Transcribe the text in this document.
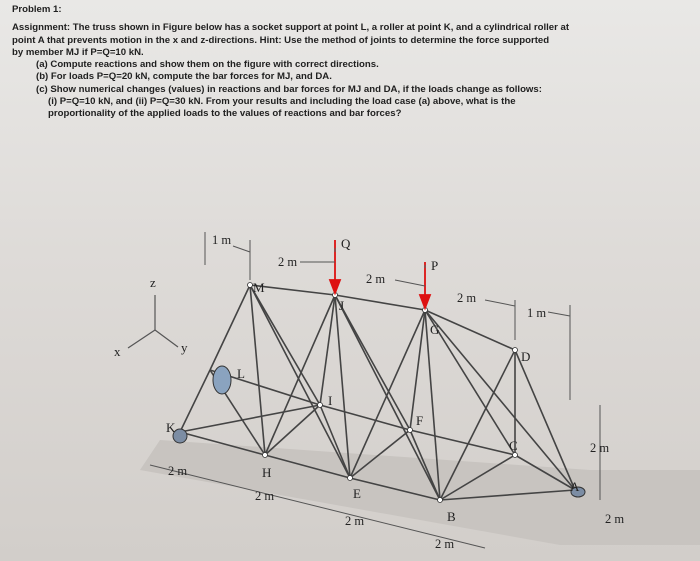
Problem 1:
Assignment: The truss shown in Figure below has a socket support at point L, a roller at point K, and a cylindrical roller at
point A that prevents motion in the x and z-directions. Hint: Use the method of joints to determine the force supported
by member MJ if P=Q=10 kN.
(a) Compute reactions and show them on the figure with correct directions.
(b) For loads P=Q=20 kN, compute the bar forces for MJ, and DA.
(c) Show numerical changes (values) in reactions and bar forces for MJ and DA, if the loads change as follows:
(i) P=Q=10 kN, and (ii) P=Q=30 kN. From your results and including the load case (a) above, what is the
proportionality of the applied loads to the values of reactions and bar forces?
Q
P
M
J
G
D
L
I
F
C
K
H
E
B
A
z
y
x
1 m
2 m
2 m
2 m
1 m
2 m
2 m
2 m
2 m
2 m
2 m
